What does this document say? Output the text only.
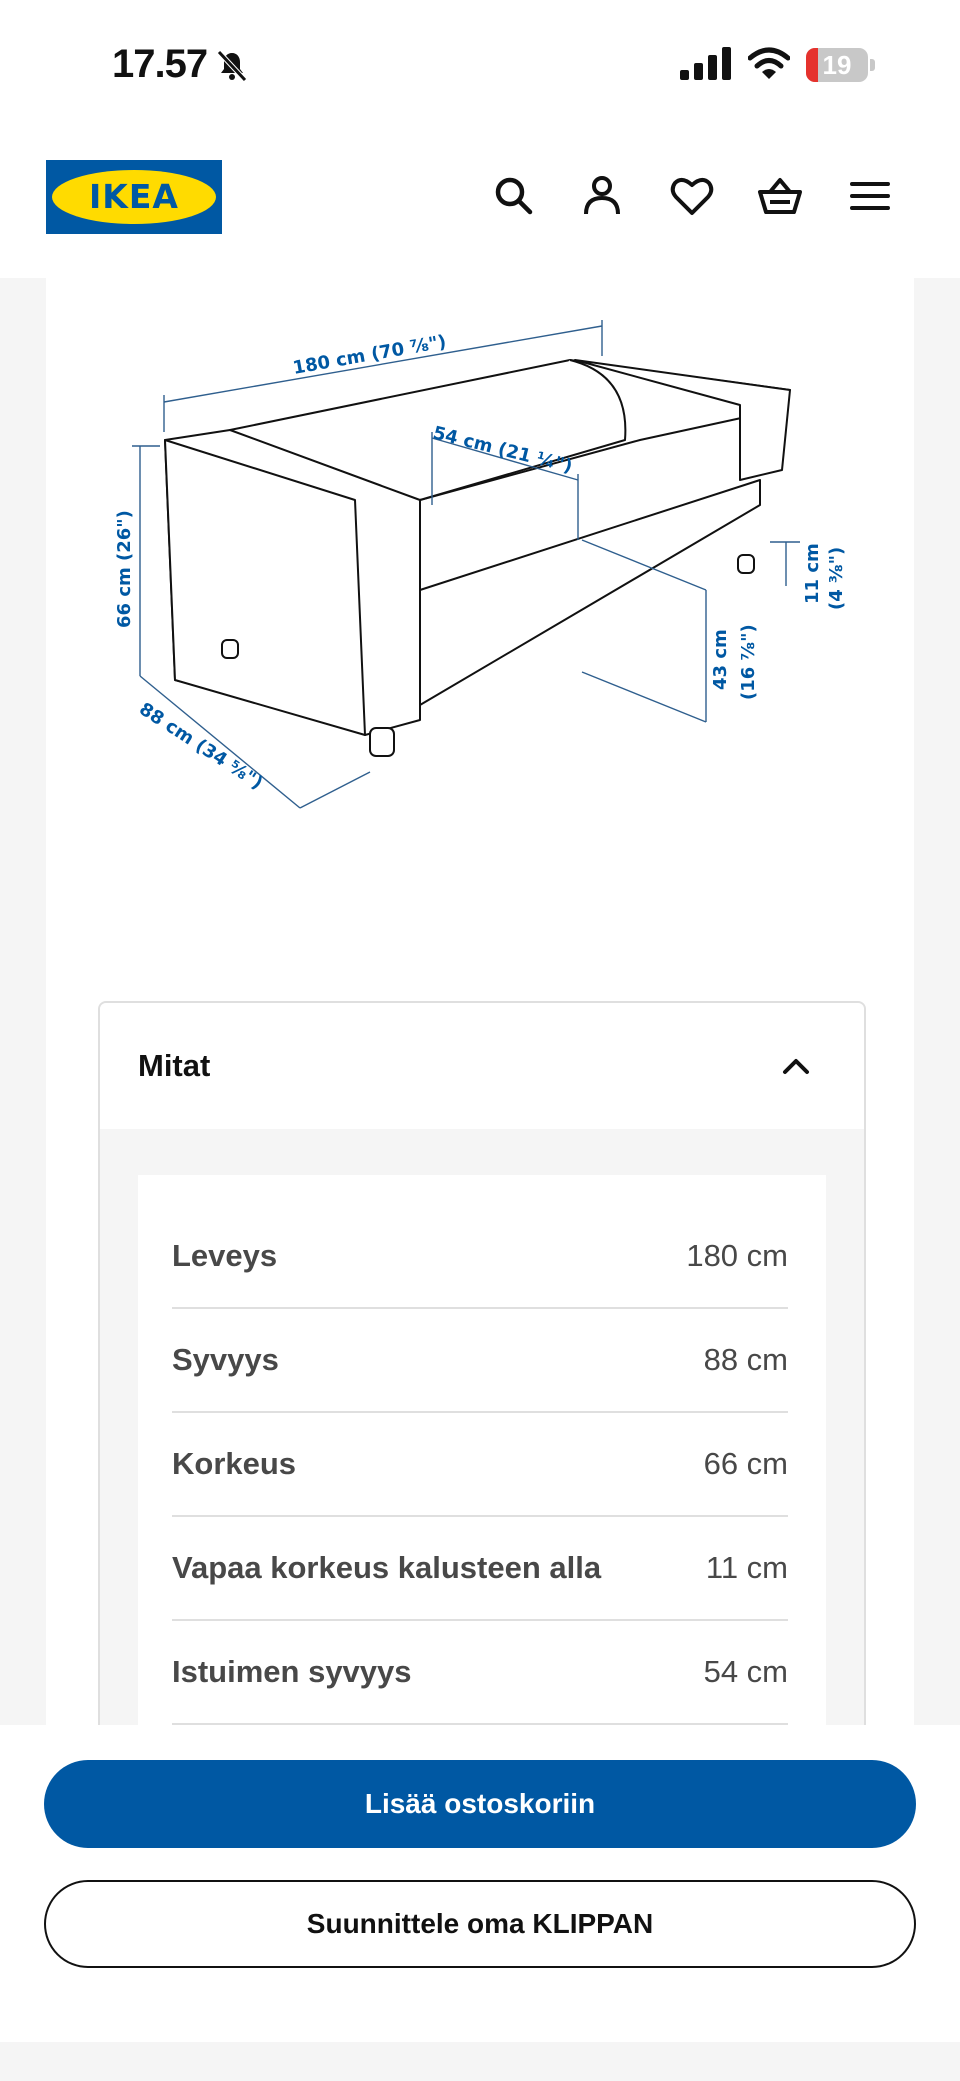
17.57	19
IKEA
180 cm (70 ⅞")
54 cm (21 ¼")
66 cm (26")
88 cm (34 ⅝")
43 cm (16 ⅞")
11 cm (4 ⅜")
Mitat
Leveys	180 cm
Syvyys	88 cm
Korkeus	66 cm
Vapaa korkeus kalusteen alla	11 cm
Istuimen syvyys	54 cm
Lisää ostoskoriin
Suunnittele oma KLIPPAN
